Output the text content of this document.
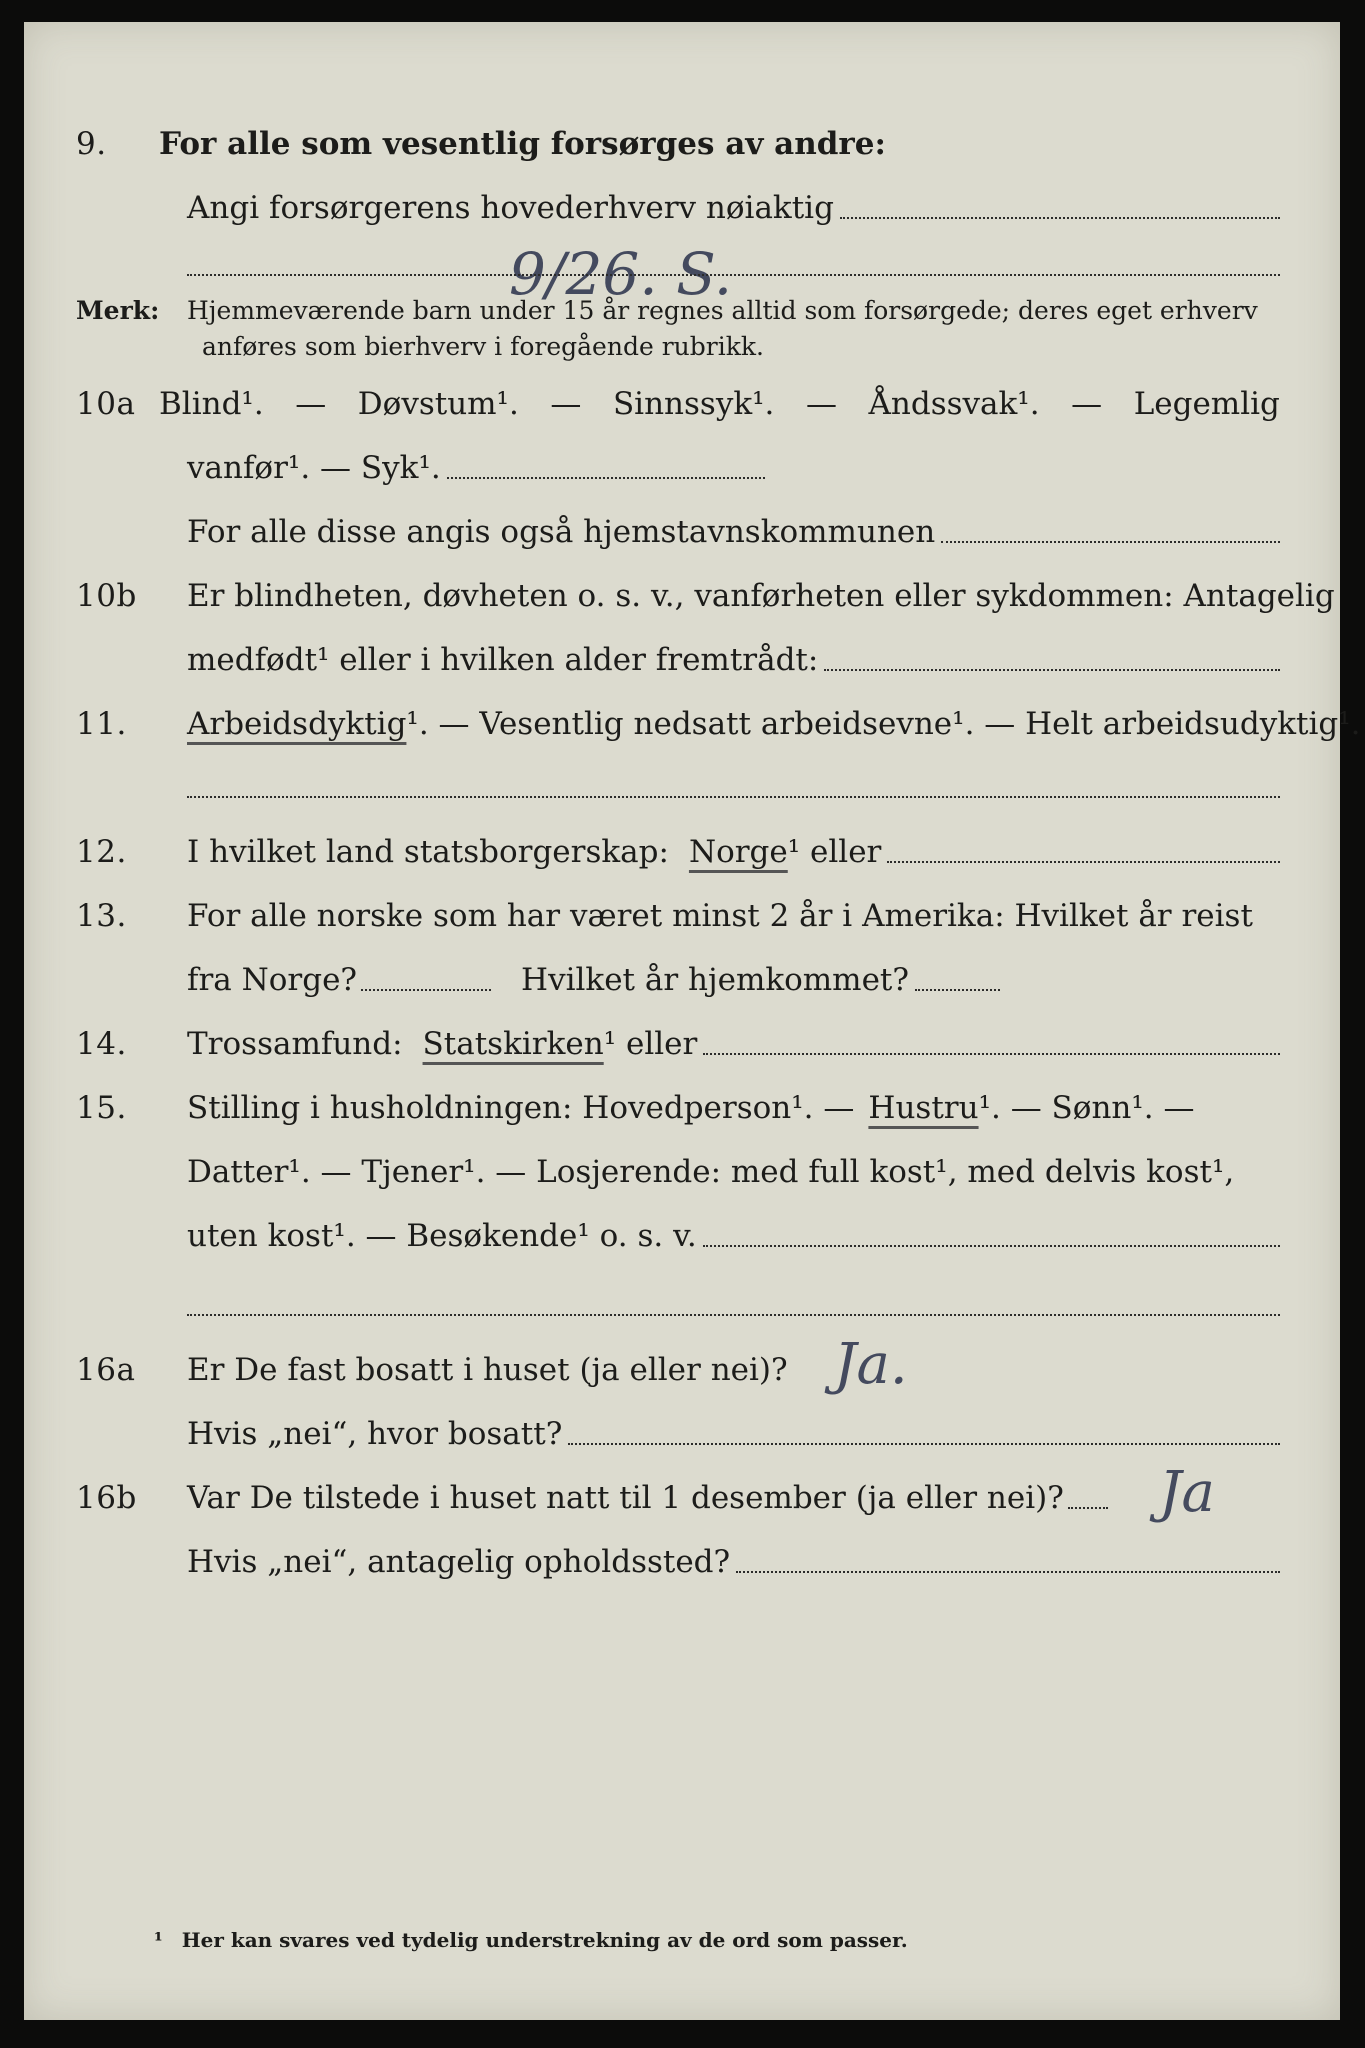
9. For alle som vesentlig forsørges av andre:
Angi forsørgerens hovederhverv nøiaktig
9/26. S.
Merk: Hjemmeværende barn under 15 år regnes alltid som forsørgede; deres eget erhverv
anføres som bierhverv i foregående rubrikk.
10a Blind¹. — Døvstum¹. — Sinnssyk¹. — Åndssvak¹. — Legemlig
vanfør¹. — Syk¹.
For alle disse angis også hjemstavnskommunen
10b Er blindheten, døvheten o. s. v., vanførheten eller sykdommen: Antagelig
medfødt¹ eller i hvilken alder fremtrådt:
11. Arbeidsdyktig ¹. — Vesentlig nedsatt arbeidsevne¹. — Helt arbeidsudyktig¹.
12. I hvilket land statsborgerskap: Norge ¹ eller
13. For alle norske som har været minst 2 år i Amerika: Hvilket år reist
fra Norge?	Hvilket år hjemkommet?
14. Trossamfund: Statskirken ¹ eller
15. Stilling i husholdningen: Hovedperson¹. — Hustru ¹. — Sønn¹. —
Datter¹. — Tjener¹. — Losjerende: med full kost¹, med delvis kost¹,
uten kost¹. — Besøkende¹ o. s. v.
16a Er De fast bosatt i huset (ja eller nei)? Ja.
Hvis „nei“, hvor bosatt?
16b Var De tilstede i huset natt til 1 desember (ja eller nei)? Ja
Hvis „nei“, antagelig opholdssted?
¹ Her kan svares ved tydelig understrekning av de ord som passer.
